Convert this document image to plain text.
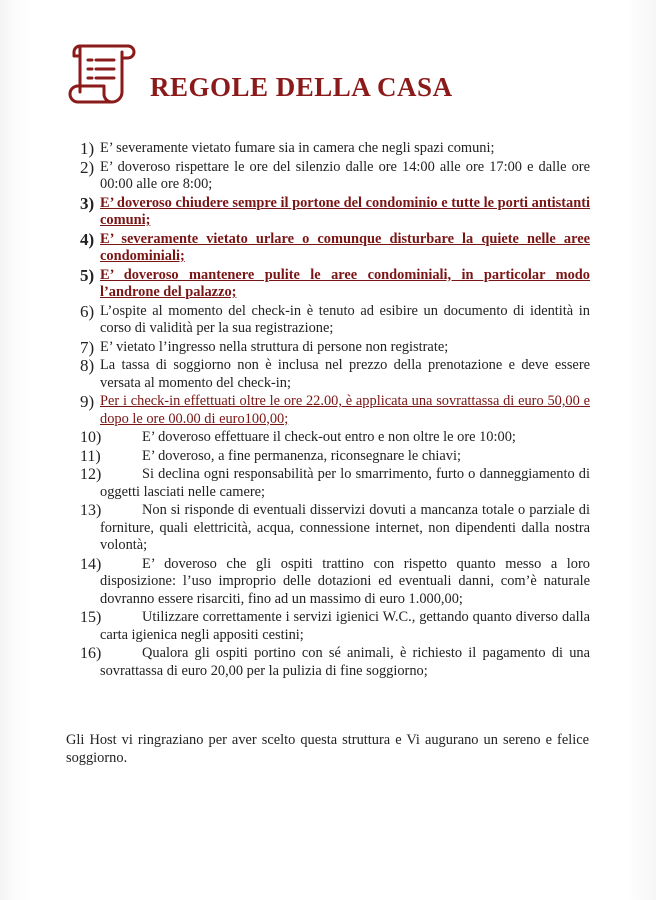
REGOLE DELLA CASA
1) E’ severamente vietato fumare sia in camera che negli spazi comuni;
2) E’ doveroso rispettare le ore del silenzio dalle ore 14:00 alle ore 17:00 e dalle ore 00:00 alle ore 8:00;
3) E’ doveroso chiudere sempre il portone del condominio e tutte le porti antistanti comuni;
4) E’ severamente vietato urlare o comunque disturbare la quiete nelle aree condominiali;
5) E’ doveroso mantenere pulite le aree condominiali, in particolar modo l’androne del palazzo;
6) L’ospite al momento del check-in è tenuto ad esibire un documento di identità in corso di validità per la sua registrazione;
7) E’ vietato l’ingresso nella struttura di persone non registrate;
8) La tassa di soggiorno non è inclusa nel prezzo della prenotazione e deve essere versata al momento del check-in;
9) Per i check-in effettuati oltre le ore 22.00, è applicata una sovrattassa di euro 50,00 e dopo le ore 00.00 di euro100,00;
10)	E’ doveroso effettuare il check-out entro e non oltre le ore 10:00;
11)	E’ doveroso, a fine permanenza, riconsegnare le chiavi;
12)	Si declina ogni responsabilità per lo smarrimento, furto o danneggiamento di oggetti lasciati nelle camere;
13)	Non si risponde di eventuali disservizi dovuti a mancanza totale o parziale di forniture, quali elettricità, acqua, connessione internet, non dipendenti dalla nostra volontà;
14)	E’ doveroso che gli ospiti trattino con rispetto quanto messo a loro disposizione: l’uso improprio delle dotazioni ed eventuali danni, com’è naturale dovranno essere risarciti, fino ad un massimo di euro 1.000,00;
15)	Utilizzare correttamente i servizi igienici W.C., gettando quanto diverso dalla carta igienica negli appositi cestini;
16)	Qualora gli ospiti portino con sé animali, è richiesto il pagamento di una sovrattassa di euro 20,00 per la pulizia di fine soggiorno;
Gli Host vi ringraziano per aver scelto questa struttura e Vi augurano un sereno e felice soggiorno.
